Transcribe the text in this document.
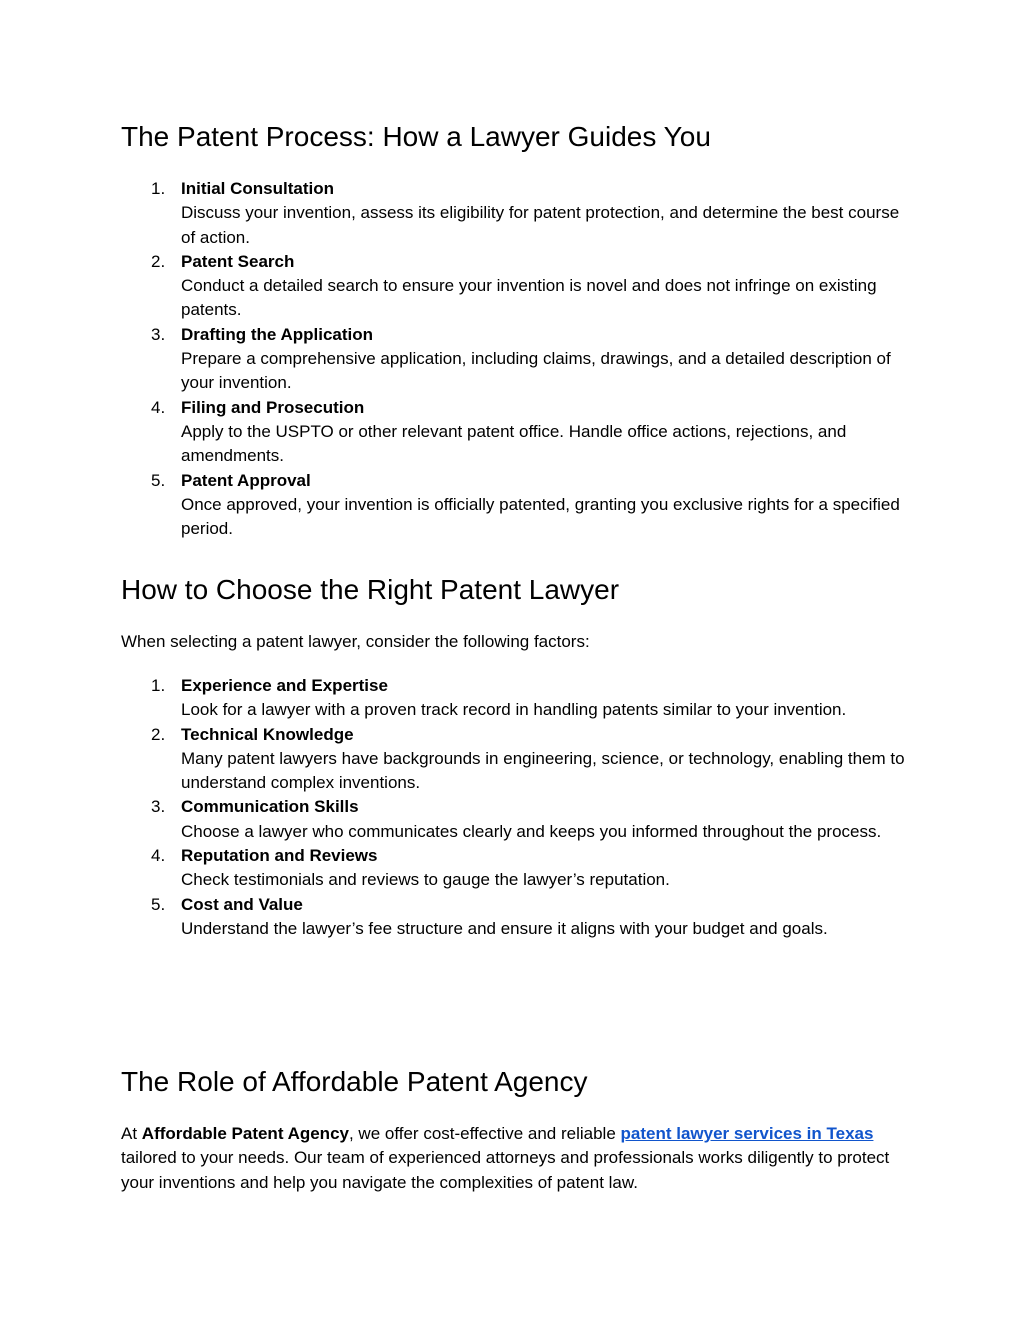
The Patent Process: How a Lawyer Guides You
1. Initial Consultation
Discuss your invention, assess its eligibility for patent protection, and determine the best course of action.
2. Patent Search
Conduct a detailed search to ensure your invention is novel and does not infringe on existing patents.
3. Drafting the Application
Prepare a comprehensive application, including claims, drawings, and a detailed description of your invention.
4. Filing and Prosecution
Apply to the USPTO or other relevant patent office. Handle office actions, rejections, and amendments.
5. Patent Approval
Once approved, your invention is officially patented, granting you exclusive rights for a specified period.
How to Choose the Right Patent Lawyer

When selecting a patent lawyer, consider the following factors:

1. Experience and Expertise
Look for a lawyer with a proven track record in handling patents similar to your invention.
2. Technical Knowledge
Many patent lawyers have backgrounds in engineering, science, or technology, enabling them to understand complex inventions.
3. Communication Skills
Choose a lawyer who communicates clearly and keeps you informed throughout the process.
4. Reputation and Reviews
Check testimonials and reviews to gauge the lawyer’s reputation.
5. Cost and Value
Understand the lawyer’s fee structure and ensure it aligns with your budget and goals.
The Role of Affordable Patent Agency

At Affordable Patent Agency, we offer cost-effective and reliable patent lawyer services in Texas tailored to your needs. Our team of experienced attorneys and professionals works diligently to protect your inventions and help you navigate the complexities of patent law.
